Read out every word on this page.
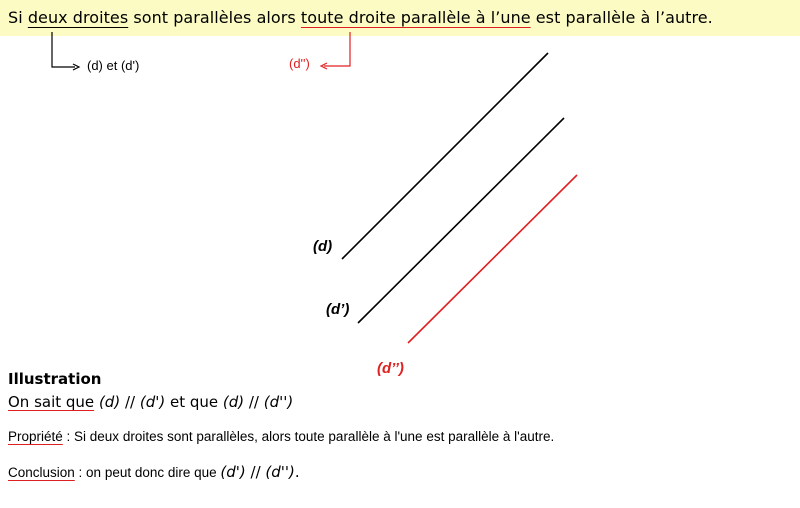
Si deux droites sont parallèles alors toute droite parallèle à l’une est parallèle à l’autre.
(d) et (d')	(d'')
(d)
(d’)
(d’’)
Illustration
On sait que (d) // (d') et que (d) // (d'')
Propriété : Si deux droites sont parallèles, alors toute parallèle à l'une est parallèle à l'autre.
Conclusion : on peut donc dire que (d') // (d'').
